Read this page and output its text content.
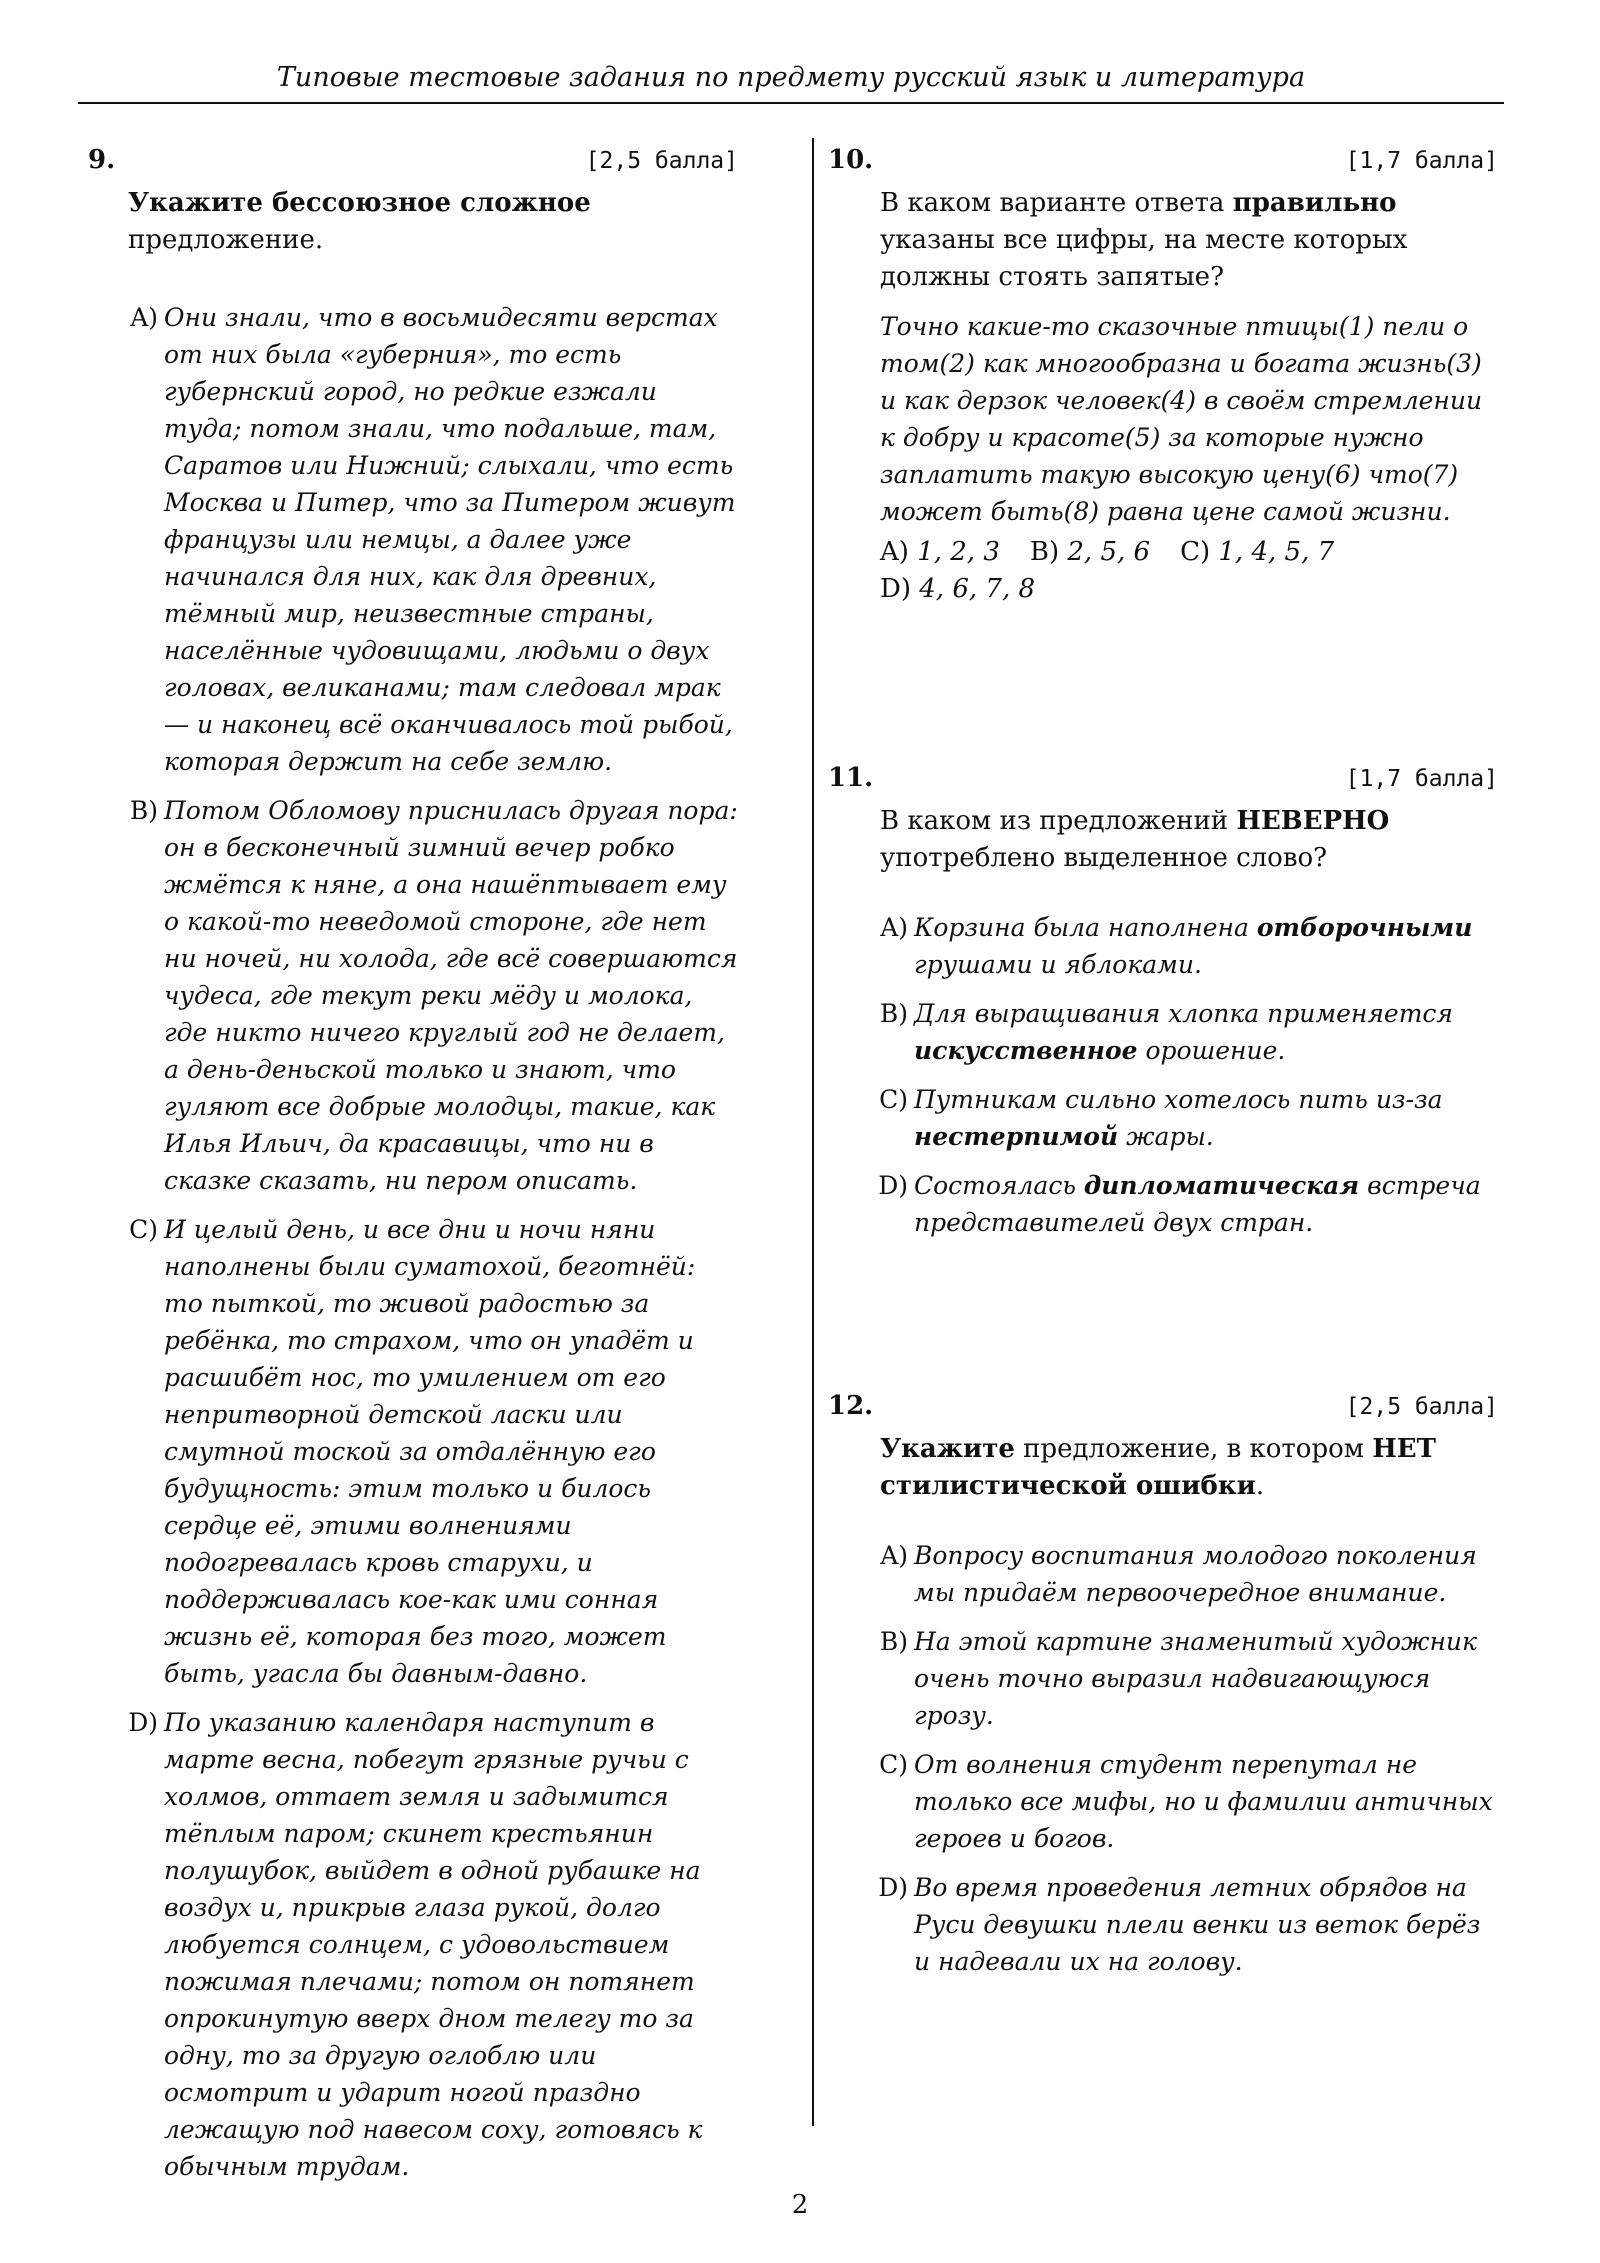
Типовые тестовые задания по предмету русский язык и литература
9.	[2,5 балла]
Укажите бессоюзное сложное
предложение.
A) Они знали, что в восьмидесяти верстах от них была «губерния», то есть губернский город, но редкие езжали туда; потом знали, что подальше, там, Саратов или Нижний; слыхали, что есть Москва и Питер, что за Питером живут французы или немцы, а далее уже начинался для них, как для древних, тёмный мир, неизвестные страны, населённые чудовищами, людьми о двух головах, великанами; там следовал мрак — и наконец всё оканчивалось той рыбой, которая держит на себе землю.
B) Потом Обломову приснилась другая пора: он в бесконечный зимний вечер робко жмётся к няне, а она нашёптывает ему о какой-то неведомой стороне, где нет ни ночей, ни холода, где всё совершаются чудеса, где текут реки мёду и молока, где никто ничего круглый год не делает, а день-деньской только и знают, что гуляют все добрые молодцы, такие, как Илья Ильич, да красавицы, что ни в сказке сказать, ни пером описать.
C) И целый день, и все дни и ночи няни наполнены были суматохой, беготнёй: то пыткой, то живой радостью за ребёнка, то страхом, что он упадёт и расшибёт нос, то умилением от его непритворной детской ласки или смутной тоской за отдалённую его будущность: этим только и билось сердце её, этими волнениями подогревалась кровь старухи, и поддерживалась кое-как ими сонная жизнь её, которая без того, может быть, угасла бы давным-давно.
D) По указанию календаря наступит в марте весна, побегут грязные ручьи с холмов, оттает земля и задымится тёплым паром; скинет крестьянин полушубок, выйдет в одной рубашке на воздух и, прикрыв глаза рукой, долго любуется солнцем, с удовольствием пожимая плечами; потом он потянет опрокинутую вверх дном телегу то за одну, то за другую оглоблю или осмотрит и ударит ногой праздно лежащую под навесом соху, готовясь к обычным трудам.
10.	[1,7 балла]
В каком варианте ответа правильно указаны все цифры, на месте которых должны стоять запятые?
Точно какие-то сказочные птицы(1) пели о том(2) как многообразна и богата жизнь(3) и как дерзок человек(4) в своём стремлении к добру и красоте(5) за которые нужно заплатить такую высокую цену(6) что(7) может быть(8) равна цене самой жизни.
A) 1, 2, 3 B) 2, 5, 6 C) 1, 4, 5, 7
D) 4, 6, 7, 8
11.	[1,7 балла]
В каком из предложений НЕВЕРНО употреблено выделенное слово?
A) Корзина была наполнена отборочными грушами и яблоками.
B) Для выращивания хлопка применяется искусственное орошение.
C) Путникам сильно хотелось пить из-за нестерпимой жары.
D) Состоялась дипломатическая встреча представителей двух стран.
12.	[2,5 балла]
Укажите предложение, в котором НЕТ стилистической ошибки.
A) Вопросу воспитания молодого поколения мы придаём первоочередное внимание.
B) На этой картине знаменитый художник очень точно выразил надвигающуюся грозу.
C) От волнения студент перепутал не только все мифы, но и фамилии античных героев и богов.
D) Во время проведения летних обрядов на Руси девушки плели венки из веток берёз и надевали их на голову.
2
